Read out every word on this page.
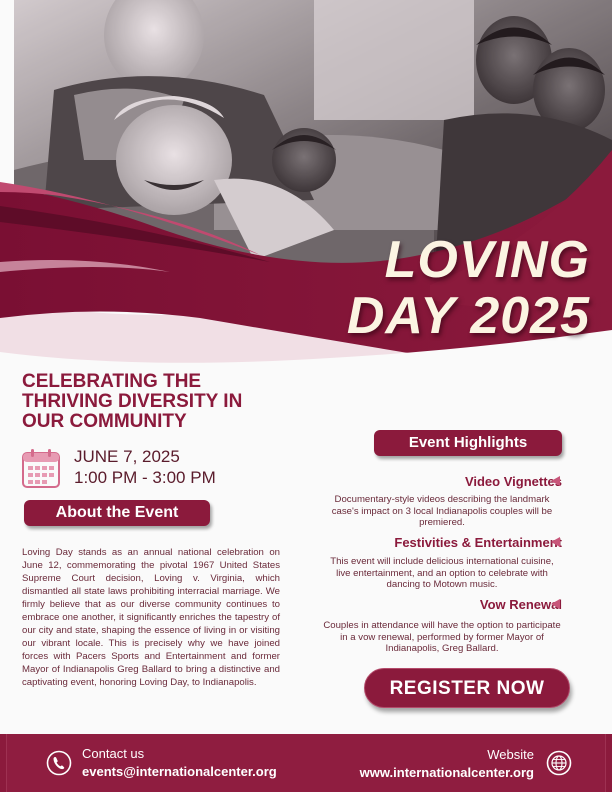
LOVING
DAY 2025
CELEBRATING THE
THRIVING DIVERSITY IN
OUR COMMUNITY
JUNE 7, 2025
1:00 PM - 3:00 PM
About the Event

Loving Day stands as an annual national celebration on June 12, commemorating the pivotal 1967 United States Supreme Court decision, Loving v. Virginia, which dismantled all state laws prohibiting interracial marriage. We firmly believe that as our diverse community continues to embrace one another, it significantly enriches the tapestry of our city and state, shaping the essence of living in or visiting our vibrant locale. This is precisely why we have joined forces with Pacers Sports and Entertainment and former Mayor of Indianapolis Greg Ballard to bring a distinctive and captivating event, honoring Loving Day, to Indianapolis.

Event Highlights
Video Vignettes
Documentary-style videos describing the landmark case's impact on 3 local Indianapolis couples will be premiered.
Festivities & Entertainment
This event will include delicious international cuisine, live entertainment, and an option to celebrate with dancing to Motown music.
Vow Renewal
Couples in attendance will have the option to participate in a vow renewal, performed by former Mayor of Indianapolis, Greg Ballard.
REGISTER NOW
Contact us
events@internationalcenter.org
Website
www.internationalcenter.org
